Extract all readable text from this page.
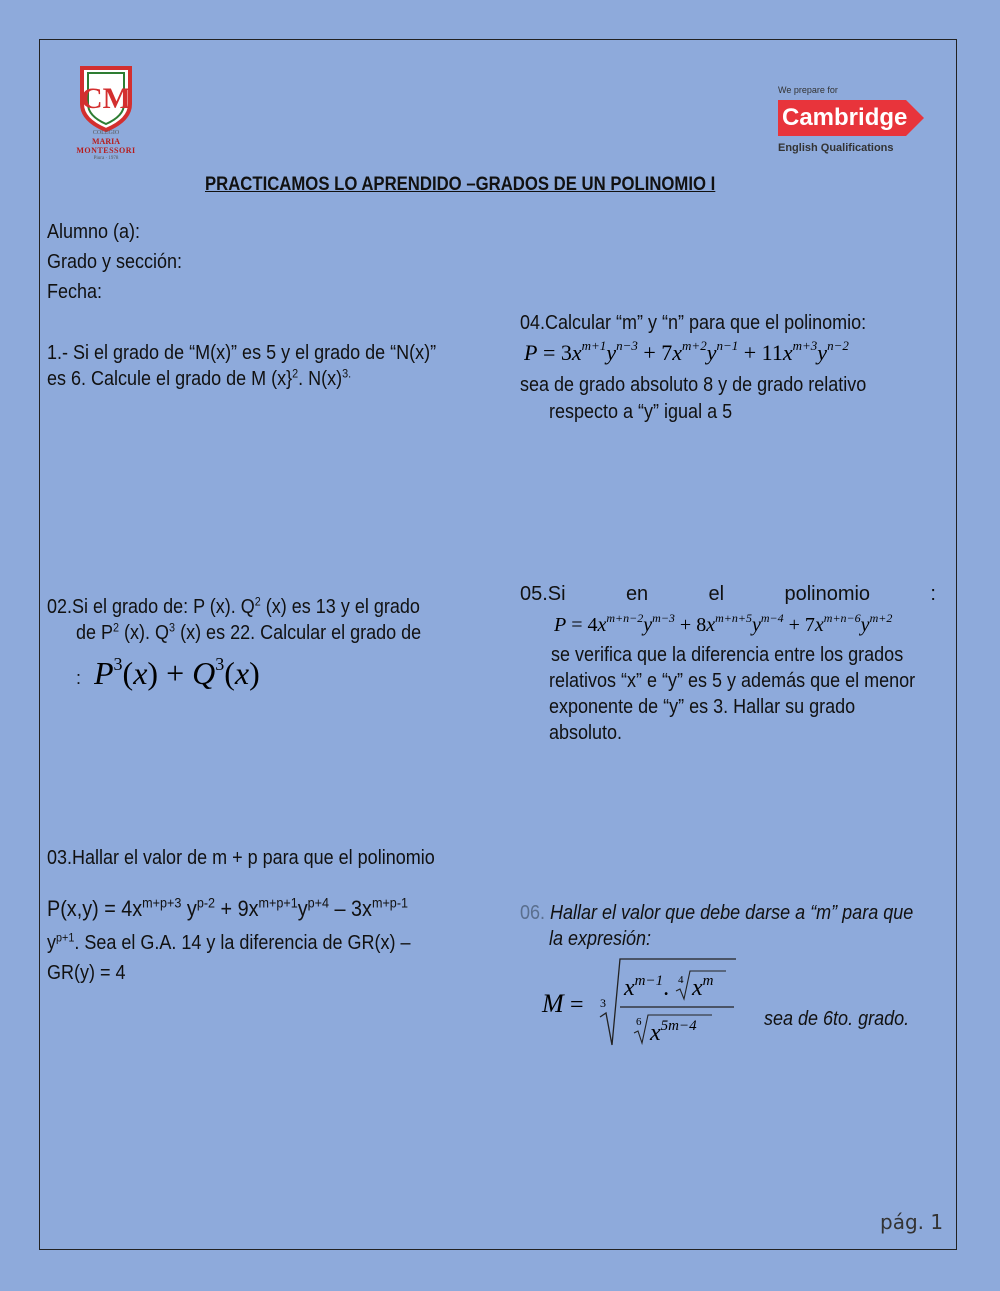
CM
COLEGIO
MARIA
MONTESSORI
Piura · 1978
We prepare for
Cambridge
English Qualifications
PRACTICAMOS LO APRENDIDO –GRADOS DE UN POLINOMIO I
Alumno (a):
Grado y sección:
Fecha:
1.- Si el grado de “M(x)” es 5 y el grado de “N(x)”
es 6. Calcule el grado de M (x}$^2$. $N(x)^{3.}$
02.Si el grado de: P (x). $Q^2$ (x) es 13 y el grado
de $P^2$ (x). $Q^3$ (x) es 22. Calcular el grado de
: $P^3(x) + Q^3(x)$
03.Hallar el valor de m + p para que el polinomio
$P(x,y) = 4x^{m+p+3}$ $y^{p-2} + 9x^{m+p+1}y^{p+4} - 3x^{m+p-1}$
$y^{p+1}$. Sea el G.A. 14 y la diferencia de GR(x) –
GR(y) = 4
04.Calcular “m” y “n” para que el polinomio:
$P = 3x^{m+1}y^{n-3} + 7x^{m+2}y^{n-1} + 11x^{m+3}y^{n-2}$
sea de grado absoluto 8 y de grado relativo
respecto a “y” igual a 5
05.Si	en	el	polinomio	:
$P = 4x^{m+n-2}y^{m-3} + 8x^{m+n+5}y^{m-4} + 7x^{m+n-6}y^{m+2}$
se verifica que la diferencia entre los grados
relativos “x” e “y” es 5 y además que el menor
exponente de “y” es 3. Hallar su grado
absoluto.
06. Hallar el valor que debe darse a “m” para que
la expresión:
M = 3
$x^{m-1}$. 4 $x^m$
6 $x^{5m-4}$	sea de 6to. grado.
pág. 1
